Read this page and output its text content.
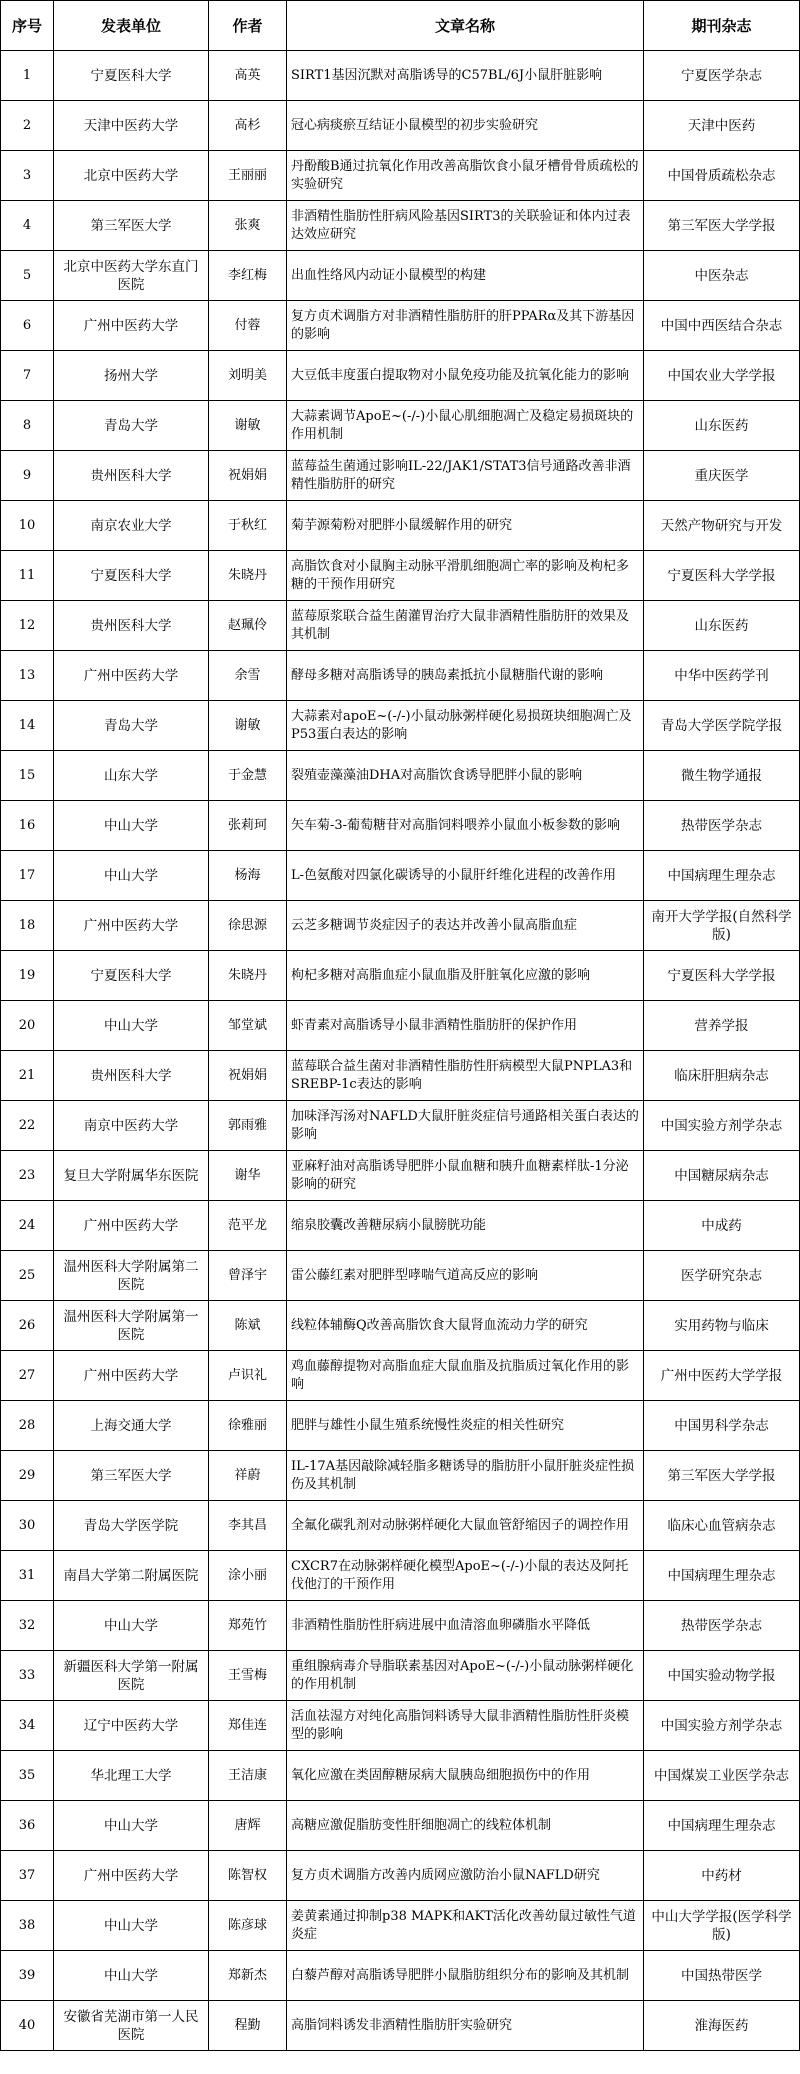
序号	发表单位	作者	文章名称	期刊杂志
1	宁夏医科大学	高英	SIRT1基因沉默对高脂诱导的C57BL/6J小鼠肝脏影响	宁夏医学杂志
2	天津中医药大学	高杉	冠心病痰瘀互结证小鼠模型的初步实验研究	天津中医药
3	北京中医药大学	王丽丽	丹酚酸B通过抗氧化作用改善高脂饮食小鼠牙槽骨骨质疏松的实验研究	中国骨质疏松杂志
4	第三军医大学	张爽	非酒精性脂肪性肝病风险基因SIRT3的关联验证和体内过表达效应研究	第三军医大学学报
5	北京中医药大学东直门医院	李红梅	出血性络风内动证小鼠模型的构建	中医杂志
6	广州中医药大学	付蓉	复方贞术调脂方对非酒精性脂肪肝的肝PPARα及其下游基因的影响	中国中西医结合杂志
7	扬州大学	刘明美	大豆低丰度蛋白提取物对小鼠免疫功能及抗氧化能力的影响	中国农业大学学报
8	青岛大学	谢敏	大蒜素调节ApoE~(-/-)小鼠心肌细胞凋亡及稳定易损斑块的作用机制	山东医药
9	贵州医科大学	祝娟娟	蓝莓益生菌通过影响IL-22/JAK1/STAT3信号通路改善非酒精性脂肪肝的研究	重庆医学
10	南京农业大学	于秋红	菊芋源菊粉对肥胖小鼠缓解作用的研究	天然产物研究与开发
11	宁夏医科大学	朱晓丹	高脂饮食对小鼠胸主动脉平滑肌细胞凋亡率的影响及枸杞多糖的干预作用研究	宁夏医科大学学报
12	贵州医科大学	赵珮伶	蓝莓原浆联合益生菌灌胃治疗大鼠非酒精性脂肪肝的效果及其机制	山东医药
13	广州中医药大学	余雪	酵母多糖对高脂诱导的胰岛素抵抗小鼠糖脂代谢的影响	中华中医药学刊
14	青岛大学	谢敏	大蒜素对apoE~(-/-)小鼠动脉粥样硬化易损斑块细胞凋亡及P53蛋白表达的影响	青岛大学医学院学报
15	山东大学	于金慧	裂殖壶藻藻油DHA对高脂饮食诱导肥胖小鼠的影响	微生物学通报
16	中山大学	张莉珂	矢车菊-3-葡萄糖苷对高脂饲料喂养小鼠血小板参数的影响	热带医学杂志
17	中山大学	杨海	L-色氨酸对四氯化碳诱导的小鼠肝纤维化进程的改善作用	中国病理生理杂志
18	广州中医药大学	徐思源	云芝多糖调节炎症因子的表达并改善小鼠高脂血症	南开大学学报(自然科学版)
19	宁夏医科大学	朱晓丹	枸杞多糖对高脂血症小鼠血脂及肝脏氧化应激的影响	宁夏医科大学学报
20	中山大学	邹堂斌	虾青素对高脂诱导小鼠非酒精性脂肪肝的保护作用	营养学报
21	贵州医科大学	祝娟娟	蓝莓联合益生菌对非酒精性脂肪性肝病模型大鼠PNPLA3和SREBP-1c表达的影响	临床肝胆病杂志
22	南京中医药大学	郭雨雅	加味泽泻汤对NAFLD大鼠肝脏炎症信号通路相关蛋白表达的影响	中国实验方剂学杂志
23	复旦大学附属华东医院	谢华	亚麻籽油对高脂诱导肥胖小鼠血糖和胰升血糖素样肽-1分泌影响的研究	中国糖尿病杂志
24	广州中医药大学	范平龙	缩泉胶囊改善糖尿病小鼠膀胱功能	中成药
25	温州医科大学附属第二医院	曾泽宇	雷公藤红素对肥胖型哮喘气道高反应的影响	医学研究杂志
26	温州医科大学附属第一医院	陈斌	线粒体辅酶Q改善高脂饮食大鼠肾血流动力学的研究	实用药物与临床
27	广州中医药大学	卢识礼	鸡血藤醇提物对高脂血症大鼠血脂及抗脂质过氧化作用的影响	广州中医药大学学报
28	上海交通大学	徐雅丽	肥胖与雄性小鼠生殖系统慢性炎症的相关性研究	中国男科学杂志
29	第三军医大学	祥蔚	IL-17A基因敲除减轻脂多糖诱导的脂肪肝小鼠肝脏炎症性损伤及其机制	第三军医大学学报
30	青岛大学医学院	李其昌	全氟化碳乳剂对动脉粥样硬化大鼠血管舒缩因子的调控作用	临床心血管病杂志
31	南昌大学第二附属医院	涂小丽	CXCR7在动脉粥样硬化模型ApoE~(-/-)小鼠的表达及阿托伐他汀的干预作用	中国病理生理杂志
32	中山大学	郑苑竹	非酒精性脂肪性肝病进展中血清溶血卵磷脂水平降低	热带医学杂志
33	新疆医科大学第一附属医院	王雪梅	重组腺病毒介导脂联素基因对ApoE~(-/-)小鼠动脉粥样硬化的作用机制	中国实验动物学报
34	辽宁中医药大学	郑佳连	活血祛湿方对纯化高脂饲料诱导大鼠非酒精性脂肪性肝炎模型的影响	中国实验方剂学杂志
35	华北理工大学	王洁康	氧化应激在类固醇糖尿病大鼠胰岛细胞损伤中的作用	中国煤炭工业医学杂志
36	中山大学	唐辉	高糖应激促脂肪变性肝细胞凋亡的线粒体机制	中国病理生理杂志
37	广州中医药大学	陈智权	复方贞术调脂方改善内质网应激防治小鼠NAFLD研究	中药材
38	中山大学	陈彦球	姜黄素通过抑制p38 MAPK和AKT活化改善幼鼠过敏性气道炎症	中山大学学报(医学科学版)
39	中山大学	郑新杰	白藜芦醇对高脂诱导肥胖小鼠脂肪组织分布的影响及其机制	中国热带医学
40	安徽省芜湖市第一人民医院	程勤	高脂饲料诱发非酒精性脂肪肝实验研究	淮海医药
